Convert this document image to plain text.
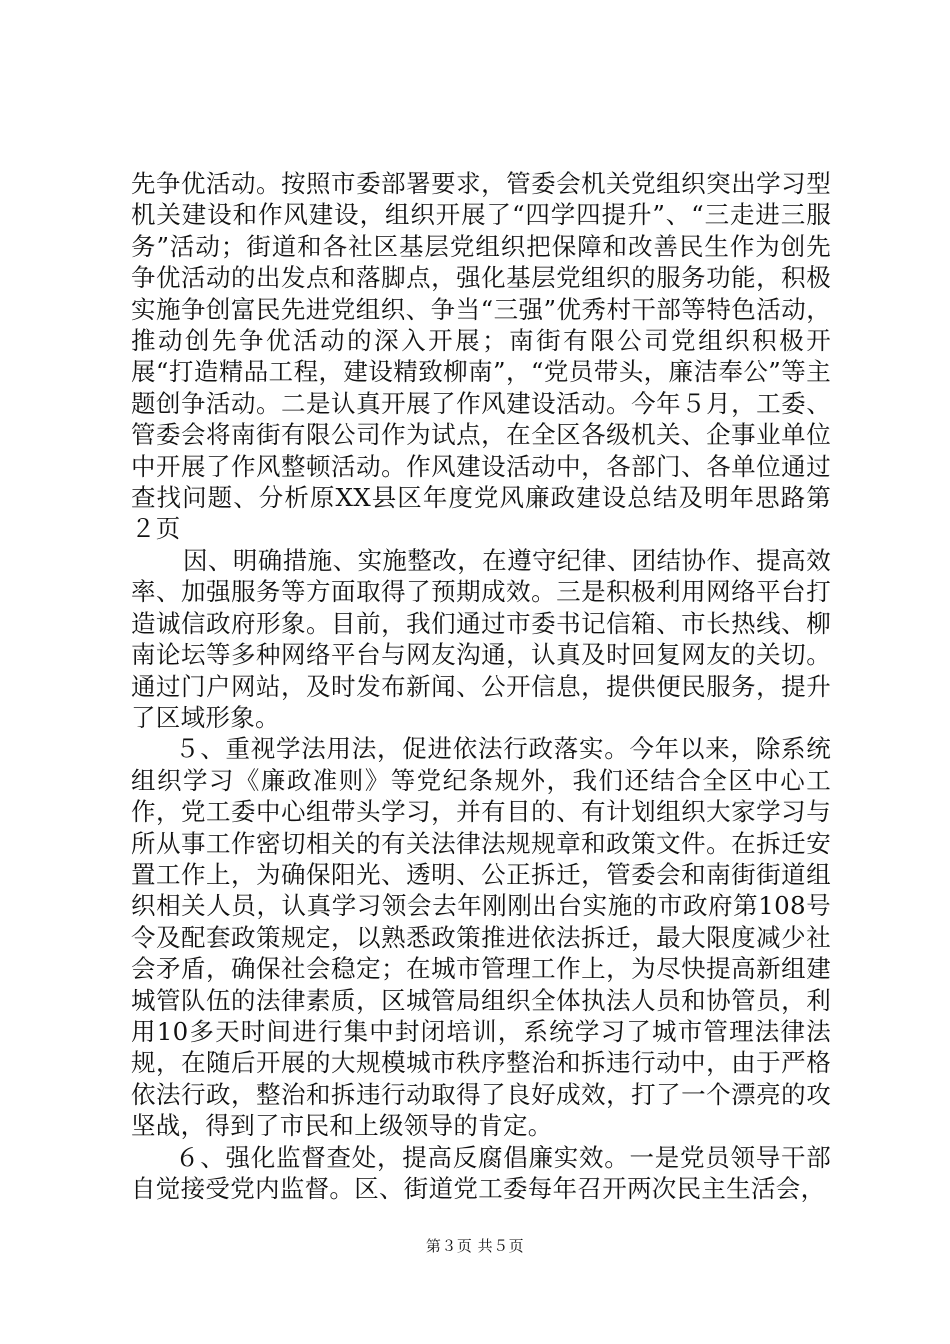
先争优活动。按照市委部署要求，管委会机关党组织突出学习型机关建设和作风建设，组织开展了“四学四提升”、“三走进三服务”活动；街道和各社区基层党组织把保障和改善民生作为创先争优活动的出发点和落脚点，强化基层党组织的服务功能，积极实施争创富民先进党组织、争当“三强”优秀村干部等特色活动，推动创先争优活动的深入开展；南街有限公司党组织积极开展“打造精品工程，建设精致柳南”，“党员带头，廉洁奉公”等主题创争活动。二是认真开展了作风建设活动。今年５月，工委、管委会将南街有限公司作为试点，在全区各级机关、企事业单位中开展了作风整顿活动。作风建设活动中，各部门、各单位通过查找问题、分析原XX县区年度党风廉政建设总结及明年思路第２页

因、明确措施、实施整改，在遵守纪律、团结协作、提高效率、加强服务等方面取得了预期成效。三是积极利用网络平台打造诚信政府形象。目前，我们通过市委书记信箱、市长热线、柳南论坛等多种网络平台与网友沟通，认真及时回复网友的关切。通过门户网站，及时发布新闻、公开信息，提供便民服务，提升了区域形象。

５、重视学法用法，促进依法行政落实。今年以来，除系统组织学习《廉政准则》等党纪条规外，我们还结合全区中心工作，党工委中心组带头学习，并有目的、有计划组织大家学习与所从事工作密切相关的有关法律法规规章和政策文件。在拆迁安置工作上，为确保阳光、透明、公正拆迁，管委会和南街街道组织相关人员，认真学习领会去年刚刚出台实施的市政府第108号令及配套政策规定，以熟悉政策推进依法拆迁，最大限度减少社会矛盾，确保社会稳定；在城市管理工作上，为尽快提高新组建城管队伍的法律素质，区城管局组织全体执法人员和协管员，利用10多天时间进行集中封闭培训，系统学习了城市管理法律法规，在随后开展的大规模城市秩序整治和拆违行动中，由于严格依法行政，整治和拆违行动取得了良好成效，打了一个漂亮的攻坚战，得到了市民和上级领导的肯定。

６、强化监督查处，提高反腐倡廉实效。一是党员领导干部自觉接受党内监督。区、街道党工委每年召开两次民主生活会，

第３页 共５页
